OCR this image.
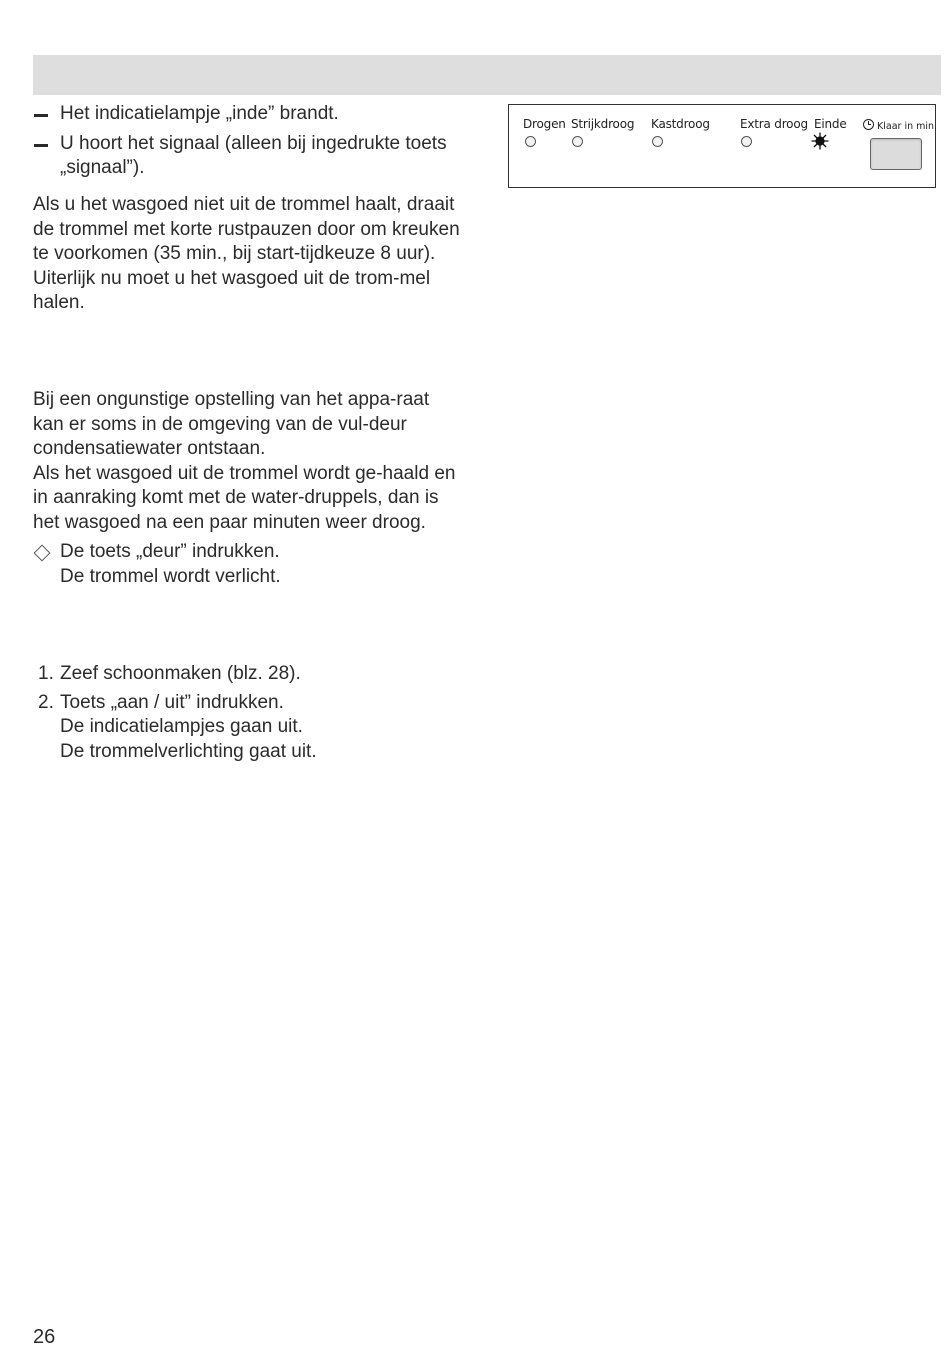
Het indicatielampje „inde” brandt.

U hoort het signaal (alleen bij ingedrukte toets „signaal”).

Als u het wasgoed niet uit de trommel haalt, draait de trommel met korte rustpauzen door om kreuken te voorkomen (35 min., bij start-tijdkeuze 8 uur).

Uiterlijk nu moet u het wasgoed uit de trom-mel halen.

Bij een ongunstige opstelling van het appa-raat kan er soms in de omgeving van de vul-deur condensatiewater ontstaan.

Als het wasgoed uit de trommel wordt ge-haald en in aanraking komt met de water-druppels, dan is het wasgoed na een paar minuten weer droog.

De toets „deur” indrukken.

De trommel wordt verlicht.

1. Zeef schoonmaken (blz. 28).

2. Toets „aan / uit” indrukken.

De indicatielampjes gaan uit.

De trommelverlichting gaat uit.

Drogen Strijkdroog Kastdroog	Extra droog Einde	Klaar in min.
26
